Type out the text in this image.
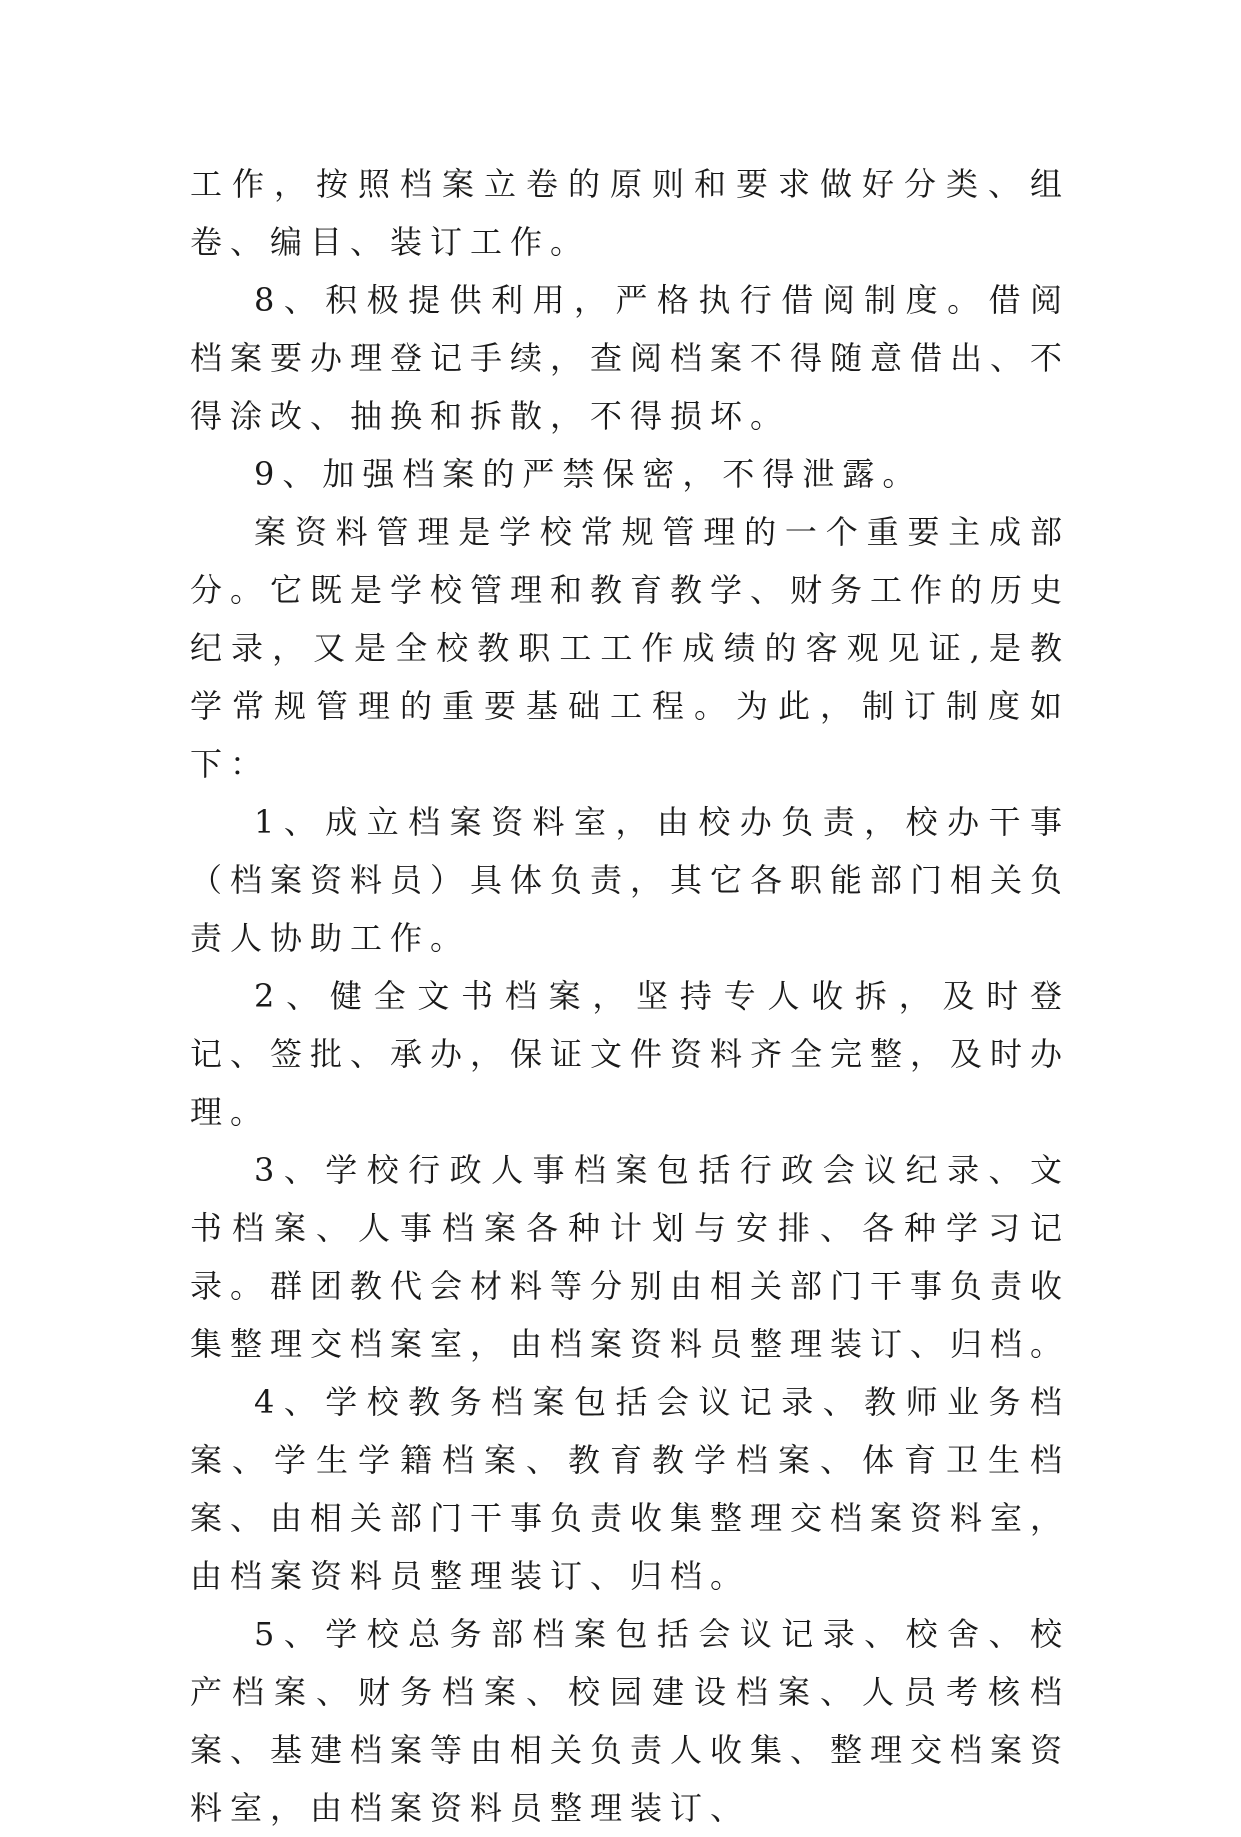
工作，按照档案立卷的原则和要求做好分类、组卷、编目、装订工作。

8、积极提供利用，严格执行借阅制度。借阅档案要办理登记手续，查阅档案不得随意借出、不得涂改、抽换和拆散，不得损坏。

9、加强档案的严禁保密，不得泄露。

案资料管理是学校常规管理的一个重要主成部分。它既是学校管理和教育教学、财务工作的历史纪录，又是全校教职工工作成绩的客观见证,是教学常规管理的重要基础工程。为此，制订制度如下：

1、成立档案资料室，由校办负责，校办干事（档案资料员）具体负责，其它各职能部门相关负责人协助工作。

2、健全文书档案，坚持专人收拆，及时登记、签批、承办，保证文件资料齐全完整，及时办理。

3、学校行政人事档案包括行政会议纪录、文书档案、人事档案各种计划与安排、各种学习记录。群团教代会材料等分别由相关部门干事负责收集整理交档案室，由档案资料员整理装订、归档。

4、学校教务档案包括会议记录、教师业务档案、学生学籍档案、教育教学档案、体育卫生档案、由相关部门干事负责收集整理交档案资料室，由档案资料员整理装订、归档。

5、学校总务部档案包括会议记录、校舍、校产档案、财务档案、校园建设档案、人员考核档案、基建档案等由相关负责人收集、整理交档案资料室，由档案资料员整理装订、
